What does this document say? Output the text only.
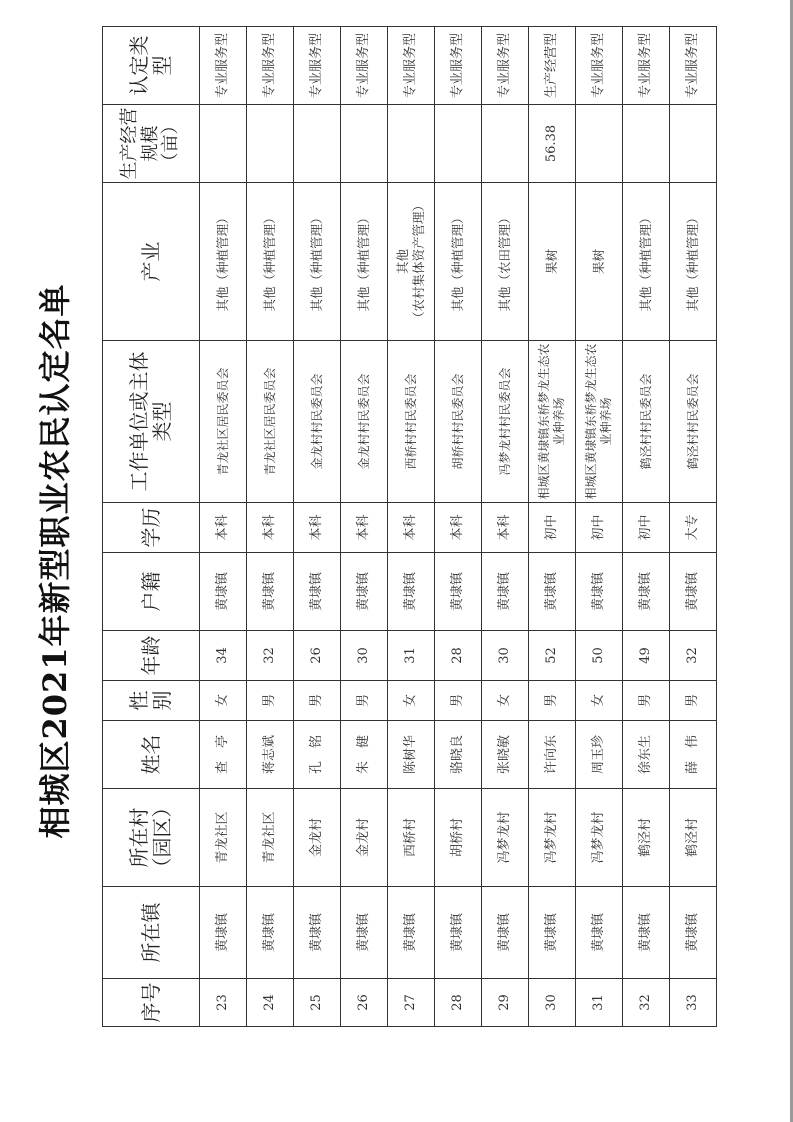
相城区2021年新型职业农民认定名单
序号	所在镇	所在村
（园区）	姓名	性别	年龄	户籍	学历	工作单位或主体类型	产业	生产经营
规模
（亩）	认定类型
23	黄埭镇	青龙社区	查　亭	女	34	黄埭镇	本科	青龙社区居民委员会	其他（种植管理）		专业服务型
24	黄埭镇	青龙社区	蒋志斌	男	32	黄埭镇	本科	青龙社区居民委员会	其他（种植管理）		专业服务型
25	黄埭镇	金龙村	孔　铭	男	26	黄埭镇	本科	金龙村村民委员会	其他（种植管理）		专业服务型
26	黄埭镇	金龙村	朱　健	男	30	黄埭镇	本科	金龙村村民委员会	其他（种植管理）		专业服务型
27	黄埭镇	西桥村	陈树华	女	31	黄埭镇	本科	西桥村村民委员会	其他
（农村集体资产管理）		专业服务型
28	黄埭镇	胡桥村	骆晓良	男	28	黄埭镇	本科	胡桥村村民委员会	其他（种植管理）		专业服务型
29	黄埭镇	冯梦龙村	张晓敏	女	30	黄埭镇	本科	冯梦龙村村民委员会	其他（农田管理）		专业服务型
30	黄埭镇	冯梦龙村	许向东	男	52	黄埭镇	初中	相城区黄埭镇东桥梦龙生态农业种养场	果树	56.38	生产经营型
31	黄埭镇	冯梦龙村	周玉珍	女	50	黄埭镇	初中	相城区黄埭镇东桥梦龙生态农业种养场	果树		专业服务型
32	黄埭镇	鹤泾村	徐东生	男	49	黄埭镇	初中	鹤泾村村民委员会	其他（种植管理）		专业服务型
33	黄埭镇	鹤泾村	薛　伟	男	32	黄埭镇	大专	鹤泾村村民委员会	其他（种植管理）		专业服务型
